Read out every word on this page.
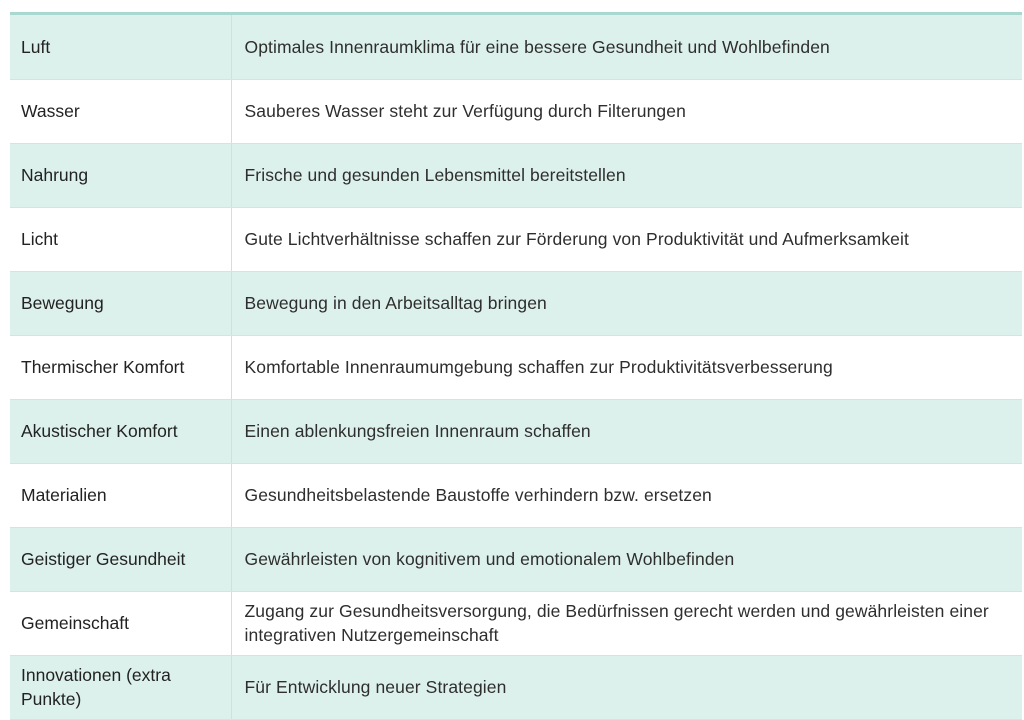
Luft	Optimales Innenraumklima für eine bessere Gesundheit und Wohlbefinden
Wasser	Sauberes Wasser steht zur Verfügung durch Filterungen
Nahrung	Frische und gesunden Lebensmittel bereitstellen
Licht	Gute Lichtverhältnisse schaffen zur Förderung von Produktivität und Aufmerksamkeit
Bewegung	Bewegung in den Arbeitsalltag bringen
Thermischer Komfort	Komfortable Innenraumumgebung schaffen zur Produktivitätsverbesserung
Akustischer Komfort	Einen ablenkungsfreien Innenraum schaffen
Materialien	Gesundheitsbelastende Baustoffe verhindern bzw. ersetzen
Geistiger Gesundheit	Gewährleisten von kognitivem und emotionalem Wohlbefinden
Gemeinschaft	Zugang zur Gesundheitsversorgung, die Bedürfnissen gerecht werden und gewährleisten einer integrativen Nutzergemeinschaft
Innovationen (extra Punkte)	Für Entwicklung neuer Strategien
